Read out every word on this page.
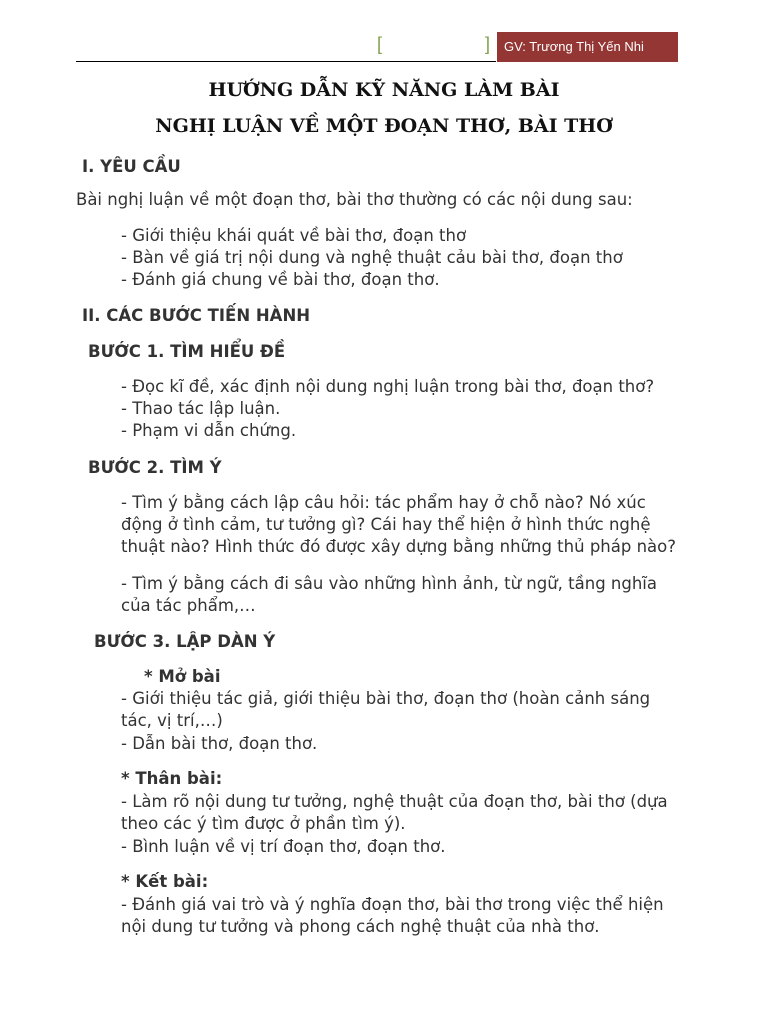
[	]	GV: Trương Thị Yến Nhi
HƯỚNG DẪN KỸ NĂNG LÀM BÀI
NGHỊ LUẬN VỀ MỘT ĐOẠN THƠ, BÀI THƠ
I. YÊU CẦU
Bài nghị luận về một đoạn thơ, bài thơ thường có các nội dung sau:
- Giới thiệu khái quát về bài thơ, đoạn thơ
- Bàn về giá trị nội dung và nghệ thuật cảu bài thơ, đoạn thơ
- Đánh giá chung về bài thơ, đoạn thơ.
II. CÁC BƯỚC TIẾN HÀNH
BƯỚC 1. TÌM HIỂU ĐỀ
- Đọc kĩ đề, xác định nội dung nghị luận trong bài thơ, đoạn thơ?
- Thao tác lập luận.
- Phạm vi dẫn chứng.
BƯỚC 2. TÌM Ý
- Tìm ý bằng cách lập câu hỏi: tác phẩm hay ở chỗ nào? Nó xúc
động ở tình cảm, tư tưởng gì? Cái hay thể hiện ở hình thức nghệ
thuật nào? Hình thức đó được xây dựng bằng những thủ pháp nào?
- Tìm ý bằng cách đi sâu vào những hình ảnh, từ ngữ, tầng nghĩa
của tác phẩm,…
BƯỚC 3. LẬP DÀN Ý
* Mở bài
- Giới thiệu tác giả, giới thiệu bài thơ, đoạn thơ (hoàn cảnh sáng
tác, vị trí,…)
- Dẫn bài thơ, đoạn thơ.
* Thân bài:
- Làm rõ nội dung tư tưởng, nghệ thuật của đoạn thơ, bài thơ (dựa
theo các ý tìm được ở phần tìm ý).
- Bình luận về vị trí đoạn thơ, đoạn thơ.
* Kết bài:
- Đánh giá vai trò và ý nghĩa đoạn thơ, bài thơ trong việc thể hiện
nội dung tư tưởng và phong cách nghệ thuật của nhà thơ.
